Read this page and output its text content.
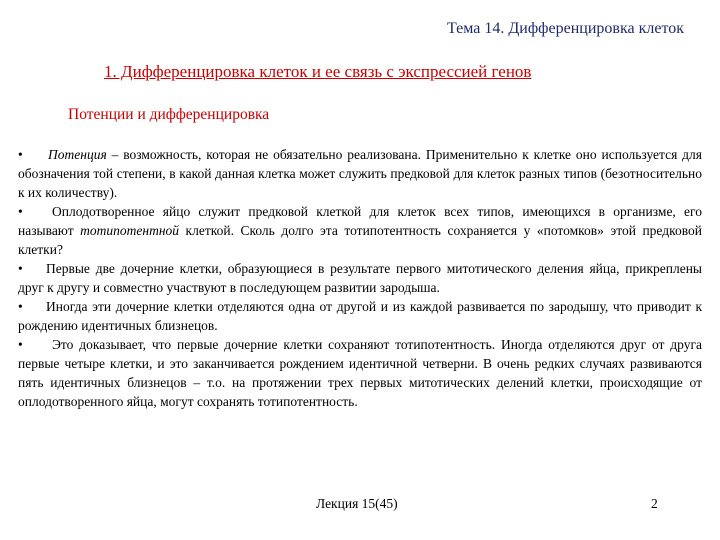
Тема 14. Дифференцировка клеток
1. Дифференцировка клеток и ее связь с экспрессией генов
Потенции и дифференцировка

• Потенция – возможность, которая не обязательно реализована. Применительно к клетке оно используется для обозначения той степени, в какой данная клетка может служить предковой для клеток разных типов (безотносительно к их количеству).

• Оплодотворенное яйцо служит предковой клеткой для клеток всех типов, имеющихся в организме, его называют тотипотентной клеткой. Сколь долго эта тотипотентность сохраняется у «потомков» этой предковой клетки?

• Первые две дочерние клетки, образующиеся в результате первого митотического деления яйца, прикреплены друг к другу и совместно участвуют в последующем развитии зародыша.

• Иногда эти дочерние клетки отделяются одна от другой и из каждой развивается по зародышу, что приводит к рождению идентичных близнецов.

• Это доказывает, что первые дочерние клетки сохраняют тотипотентность. Иногда отделяются друг от друга первые четыре клетки, и это заканчивается рождением идентичной четверни. В очень редких случаях развиваются пять идентичных близнецов – т.о. на протяжении трех первых митотических делений клетки, происходящие от оплодотворенного яйца, могут сохранять тотипотентность.

Лекция 15(45)	2
